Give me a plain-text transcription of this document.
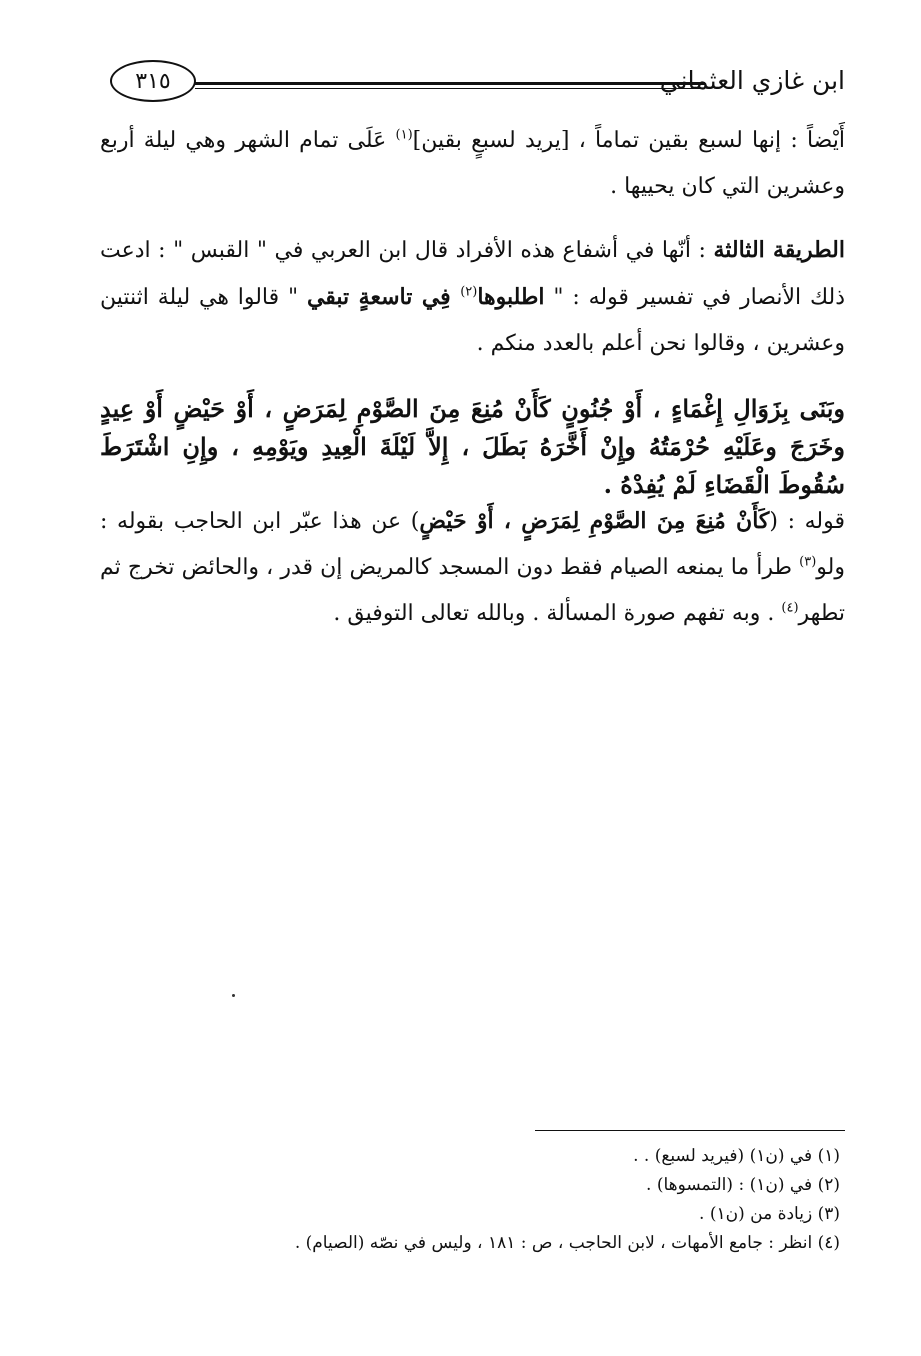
٣١٥	ابن غازي العثماني
أَيْضاً : إنها لسبع بقين تماماً ، [يريد لسبعٍ بقين]$^{(١)}$ عَلَى تمام الشهر وهي ليلة أربع وعشرين التي كان يحييها .
الطريقة الثالثة : أنّها في أشفاع هذه الأفراد قال ابن العربي في " القبس " : ادعت ذلك الأنصار في تفسير قوله : " اطلبوها$^{(٢)}$ فِي تاسعةٍ تبقي " قالوا هي ليلة اثنتين وعشرين ، وقالوا نحن أعلم بالعدد منكم .
وبَنَى بِزَوَالِ إِغْمَاءٍ ، أَوْ جُنُونٍ كَأَنْ مُنِعَ مِنَ الصَّوْمِ لِمَرَضٍ ، أَوْ حَيْضٍ أَوْ عِيدٍ وخَرَجَ وعَلَيْهِ حُرْمَتُهُ وإِنْ أَخَّرَهُ بَطَلَ ، إِلاَّ لَيْلَةَ الْعِيدِ ويَوْمِهِ ، وإِنِ اشْتَرَطَ سُقُوطَ الْقَضَاءِ لَمْ يُفِدْهُ .
قوله : (كَأَنْ مُنِعَ مِنَ الصَّوْمِ لِمَرَضٍ ، أَوْ حَيْضٍ) عن هذا عبّر ابن الحاجب بقوله : ولو$^{(٣)}$ طرأ ما يمنعه الصيام فقط دون المسجد كالمريض إن قدر ، والحائض تخرج ثم تطهر$^{(٤)}$ . وبه تفهم صورة المسألة . وبالله تعالى التوفيق .
(١) في (ن١) (فيريد لسبع) . .
(٢) في (ن١) : (التمسوها) .
(٣) زيادة من (ن١) .
(٤) انظر : جامع الأمهات ، لابن الحاجب ، ص : ١٨١ ، وليس في نصّه (الصيام) .
